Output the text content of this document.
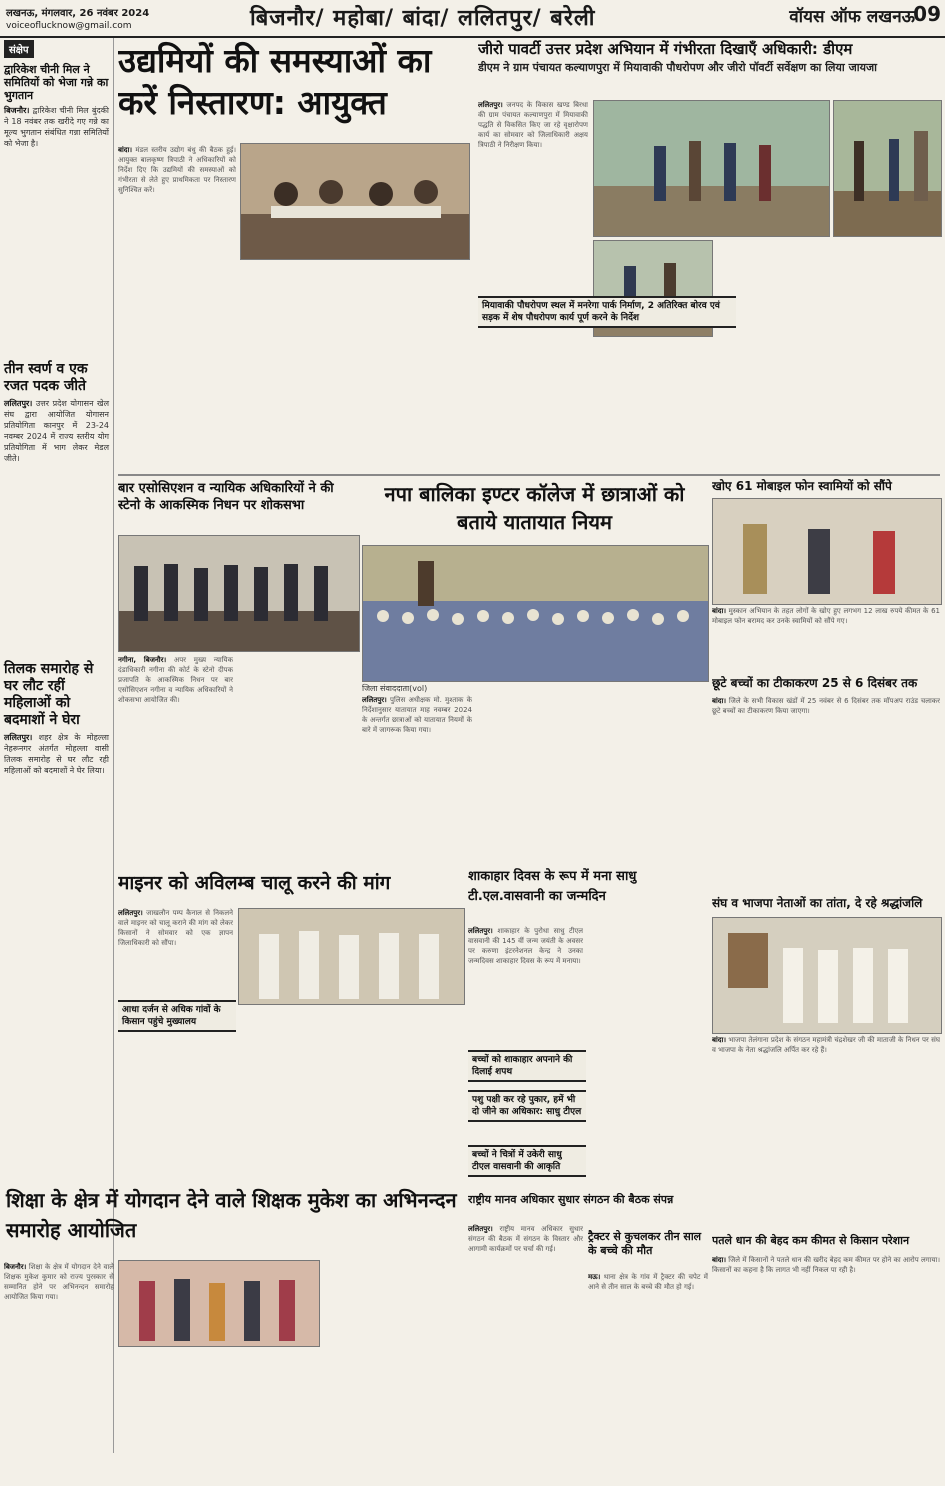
लखनऊ, मंगलवार, 26 नवंबर 2024
voiceoflucknow@gmail.com	बिजनौर/ महोबा/ बांदा/ ललितपुर/ बरेली	वॉयस ऑफ लखनऊ
09
संक्षेप
द्वारिकेश चीनी मिल ने समितियों को भेजा गन्ने का भुगतान
बिजनौर। द्वारिकेश चीनी मिल बुंदकी ने 18 नवंबर तक खरीदे गए गन्ने का मूल्य भुगतान संबंधित गन्ना समितियों को भेजा है।
तीन स्वर्ण व एक रजत पदक जीते
ललितपुर। उत्तर प्रदेश योगासन खेल संघ द्वारा आयोजित योगासन प्रतियोगिता कानपुर में 23-24 नवम्बर 2024 में राज्य स्तरीय योग प्रतियोगिता में भाग लेकर मेडल जीते।
तिलक समारोह से घर लौट रहीं महिलाओं को बदमाशों ने घेरा
ललितपुर। शहर क्षेत्र के मोहल्ला नेहरूनगर अंतर्गत मोहल्ला वासी तिलक समारोह से घर लौट रही महिलाओं को बदमाशों ने घेर लिया।
उद्यमियों की समस्याओं का करें निस्तारण: आयुक्त
बांदा। मंडल स्तरीय उद्योग बंधु की बैठक हुई। आयुक्त बालकृष्ण त्रिपाठी ने अधिकारियों को निर्देश दिए कि उद्यमियों की समस्याओं को गंभीरता से लेते हुए प्राथमिकता पर निस्तारण सुनिश्चित करें।
जीरो पावर्टी उत्तर प्रदेश अभियान में गंभीरता दिखाएँ अधिकारी: डीएम
डीएम ने ग्राम पंचायत कल्याणपुरा में मियावाकी पौधरोपण और जीरो पॉवर्टी सर्वेक्षण का लिया जायजा
ललितपुर। जनपद के विकास खण्ड बिरधा की ग्राम पंचायत कल्याणपुरा में मियावाकी पद्धति से विकसित किए जा रहे वृक्षारोपण कार्य का सोमवार को जिलाधिकारी अक्षय त्रिपाठी ने निरीक्षण किया।
मियावाकी पौधरोपण स्थल में मनरेगा पार्क निर्माण, 2 अतिरिक्त बोरव एवं सड़क में शेष पौधरोपण कार्य पूर्ण करने के निर्देश
बार एसोसिएशन व न्यायिक अधिकारियों ने की स्टेनो के आकस्मिक निधन पर शोकसभा
नगीना, बिजनौर। अपर मुख्य न्यायिक दंडाधिकारी नगीना की कोर्ट के स्टेनो दीपक प्रजापति के आकस्मिक निधन पर बार एसोसिएशन नगीना व न्यायिक अधिकारियों ने शोकसभा आयोजित की।
नपा बालिका इण्टर कॉलेज में छात्राओं को बताये यातायात नियम
जिला संवाददाता(vol)
ललितपुर। पुलिस अधीक्षक मो. मुश्ताक के निर्देशानुसार यातायात माह नवम्बर 2024 के अन्तर्गत छात्राओं को यातायात नियमों के बारे में जागरूक किया गया।
खोए 61 मोबाइल फोन स्वामियों को सौंपे
बांदा। मुस्कान अभियान के तहत लोगों के खोए हुए लगभग 12 लाख रुपये कीमत के 61 मोबाइल फोन बरामद कर उनके स्वामियों को सौंपे गए।
छूटे बच्चों का टीकाकरण 25 से 6 दिसंबर तक
बांदा। जिले के सभी विकास खंडों में 25 नवंबर से 6 दिसंबर तक मॉपअप राउंड चलाकर छूटे बच्चों का टीकाकरण किया जाएगा।
माइनर को अविलम्ब चालू करने की मांग
ललितपुर। जाखलौन पम्प कैनाल से निकलने वाले माइनर को चालू कराने की मांग को लेकर किसानों ने सोमवार को एक ज्ञापन जिलाधिकारी को सौंपा।
आधा दर्जन से अधिक गांवों के किसान पहुंचे मुख्यालय
शाकाहार दिवस के रूप में मना साधु
टी.एल.वासवानी का जन्मदिन
ललितपुर। शाकाहार के पुरोधा साधु टीएल वासवानी की 145 वीं जन्म जयंती के अवसर पर करुणा इंटरनेशनल केन्द्र ने उनका जन्मदिवस शाकाहार दिवस के रूप में मनाया।
बच्चों को शाकाहार अपनाने की दिलाई शपथ
पशु पक्षी कर रहे पुकार, हमें भी दो जीने का अधिकार: साधु टीएल
बच्चों ने चित्रों में उकेरी साधु टीएल वासवानी की आकृति
संघ व भाजपा नेताओं का तांता, दे रहे श्रद्धांजलि
बांदा। भाजपा तेलंगाना प्रदेश के संगठन महामंत्री चंद्रशेखर जी की माताजी के निधन पर संघ व भाजपा के नेता श्रद्धांजलि अर्पित कर रहे हैं।
राष्ट्रीय मानव अधिकार सुधार संगठन की बैठक संपन्न
ललितपुर। राष्ट्रीय मानव अधिकार सुधार संगठन की बैठक में संगठन के विस्तार और आगामी कार्यक्रमों पर चर्चा की गई।
ट्रैक्टर से कुचलकर तीन साल के बच्चे की मौत
मऊ। थाना क्षेत्र के गांव में ट्रैक्टर की चपेट में आने से तीन साल के बच्चे की मौत हो गई।
पतले धान की बेहद कम कीमत से किसान परेशान
बांदा। जिले में किसानों ने पतले धान की खरीद बेहद कम कीमत पर होने का आरोप लगाया। किसानों का कहना है कि लागत भी नहीं निकल पा रही है।
शिक्षा के क्षेत्र में योगदान देने वाले शिक्षक मुकेश का अभिनन्दन समारोह आयोजित
बिजनौर। शिक्षा के क्षेत्र में योगदान देने वाले शिक्षक मुकेश कुमार को राज्य पुरस्कार से सम्मानित होने पर अभिनन्दन समारोह आयोजित किया गया।
